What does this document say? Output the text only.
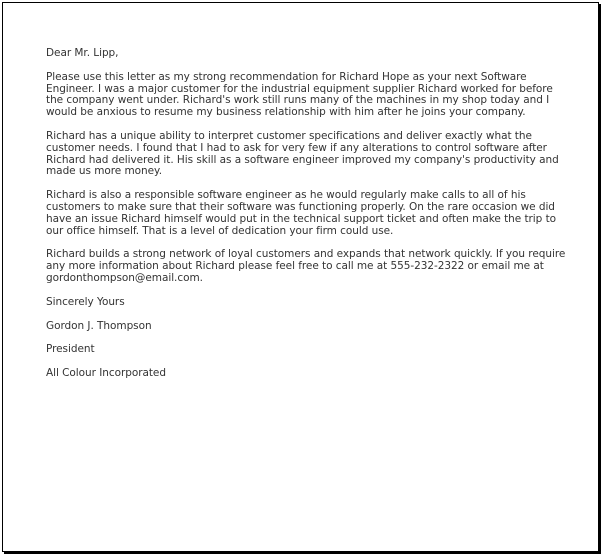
Dear Mr. Lipp,

Please use this letter as my strong recommendation for Richard Hope as your next Software Engineer. I was a major customer for the industrial equipment supplier Richard worked for before the company went under. Richard's work still runs many of the machines in my shop today and I would be anxious to resume my business relationship with him after he joins your company.

Richard has a unique ability to interpret customer specifications and deliver exactly what the customer needs. I found that I had to ask for very few if any alterations to control software after Richard had delivered it. His skill as a software engineer improved my company's productivity and made us more money.

Richard is also a responsible software engineer as he would regularly make calls to all of his customers to make sure that their software was functioning properly. On the rare occasion we did have an issue Richard himself would put in the technical support ticket and often make the trip to our office himself. That is a level of dedication your firm could use.

Richard builds a strong network of loyal customers and expands that network quickly. If you require any more information about Richard please feel free to call me at 555-232-2322 or email me at gordonthompson@email.com.

Sincerely Yours

Gordon J. Thompson

President

All Colour Incorporated
